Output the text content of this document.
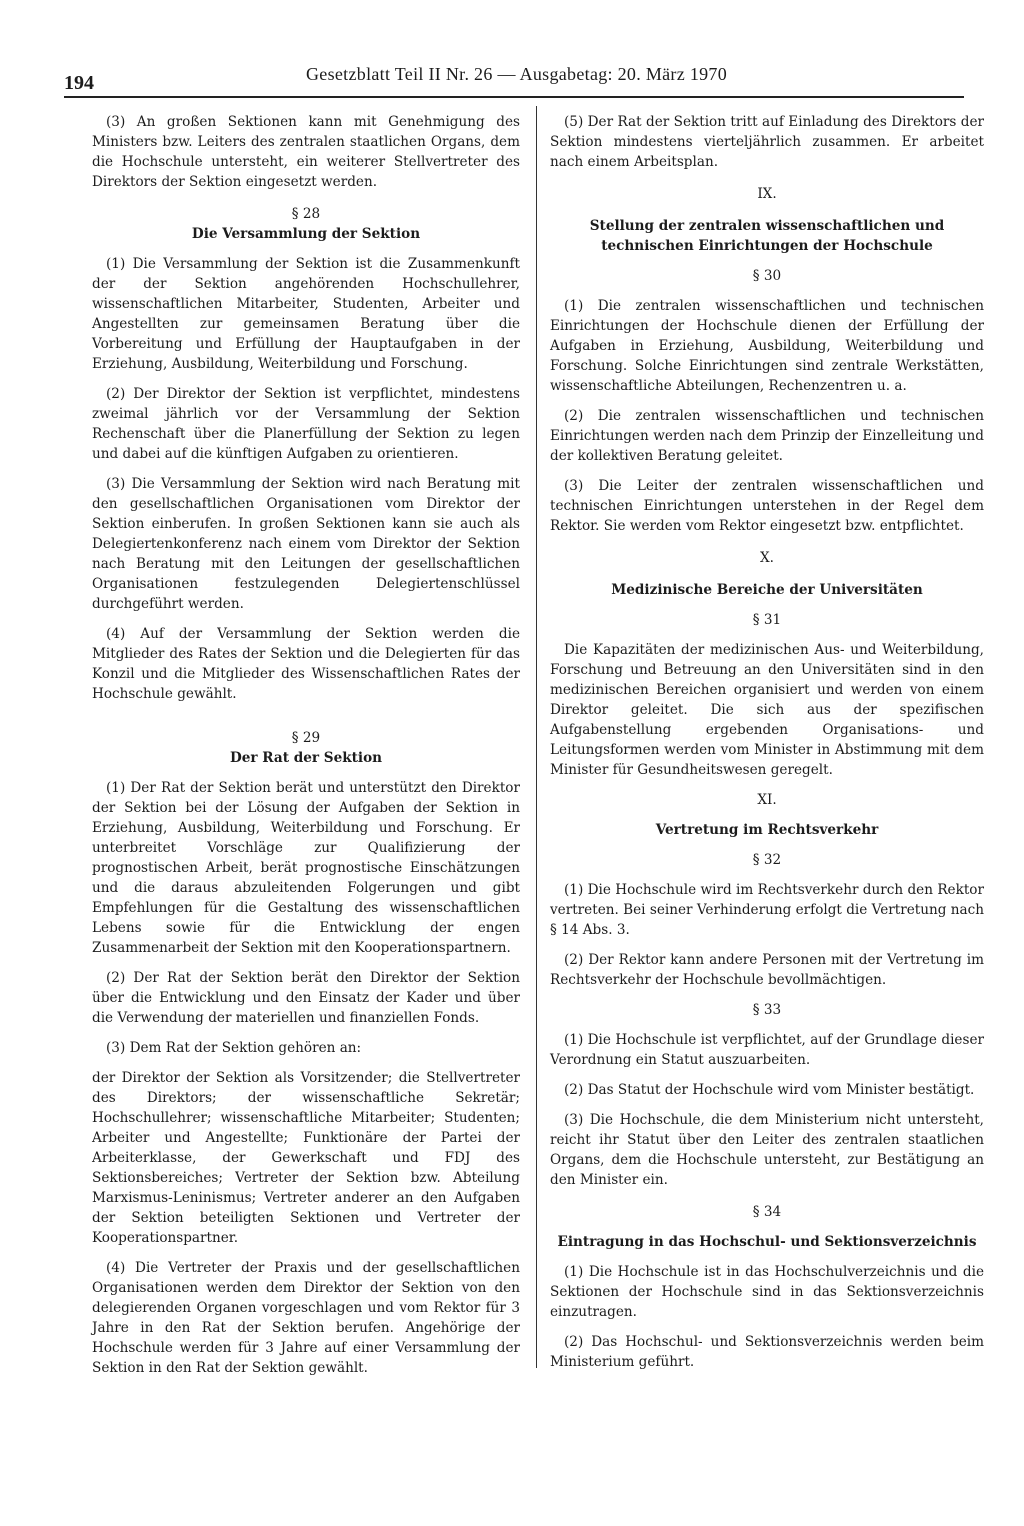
194	Gesetzblatt Teil II Nr. 26 — Ausgabetag: 20. März 1970

(3) An großen Sektionen kann mit Genehmigung des Ministers bzw. Leiters des zentralen staatlichen Organs, dem die Hochschule untersteht, ein weiterer Stellvertreter des Direktors der Sektion eingesetzt werden.

§ 28
Die Versammlung der Sektion

(1) Die Versammlung der Sektion ist die Zusammenkunft der der Sektion angehörenden Hochschullehrer, wissenschaftlichen Mitarbeiter, Studenten, Arbeiter und Angestellten zur gemeinsamen Beratung über die Vorbereitung und Erfüllung der Hauptaufgaben in der Erziehung, Ausbildung, Weiterbildung und Forschung.

(2) Der Direktor der Sektion ist verpflichtet, mindestens zweimal jährlich vor der Versammlung der Sektion Rechenschaft über die Planerfüllung der Sektion zu legen und dabei auf die künftigen Aufgaben zu orientieren.

(3) Die Versammlung der Sektion wird nach Beratung mit den gesellschaftlichen Organisationen vom Direktor der Sektion einberufen. In großen Sektionen kann sie auch als Delegiertenkonferenz nach einem vom Direktor der Sektion nach Beratung mit den Leitungen der gesellschaftlichen Organisationen festzulegenden Delegiertenschlüssel durchgeführt werden.

(4) Auf der Versammlung der Sektion werden die Mitglieder des Rates der Sektion und die Delegierten für das Konzil und die Mitglieder des Wissenschaftlichen Rates der Hochschule gewählt.

§ 29
Der Rat der Sektion

(1) Der Rat der Sektion berät und unterstützt den Direktor der Sektion bei der Lösung der Aufgaben der Sektion in Erziehung, Ausbildung, Weiterbildung und Forschung. Er unterbreitet Vorschläge zur Qualifizierung der prognostischen Arbeit, berät prognostische Einschätzungen und die daraus abzuleitenden Folgerungen und gibt Empfehlungen für die Gestaltung des wissenschaftlichen Lebens sowie für die Entwicklung der engen Zusammenarbeit der Sektion mit den Kooperationspartnern.

(2) Der Rat der Sektion berät den Direktor der Sektion über die Entwicklung und den Einsatz der Kader und über die Verwendung der materiellen und finanziellen Fonds.

(3) Dem Rat der Sektion gehören an:

der Direktor der Sektion als Vorsitzender; die Stellvertreter des Direktors; der wissenschaftliche Sekretär; Hochschullehrer; wissenschaftliche Mitarbeiter; Studenten; Arbeiter und Angestellte; Funktionäre der Partei der Arbeiterklasse, der Gewerkschaft und FDJ des Sektionsbereiches; Vertreter der Sektion bzw. Abteilung Marxismus-Leninismus; Vertreter anderer an den Aufgaben der Sektion beteiligten Sektionen und Vertreter der Kooperationspartner.

(4) Die Vertreter der Praxis und der gesellschaftlichen Organisationen werden dem Direktor der Sektion von den delegierenden Organen vorgeschlagen und vom Rektor für 3 Jahre in den Rat der Sektion berufen. Angehörige der Hochschule werden für 3 Jahre auf einer Versammlung der Sektion in den Rat der Sektion gewählt.

(5) Der Rat der Sektion tritt auf Einladung des Direktors der Sektion mindestens vierteljährlich zusammen. Er arbeitet nach einem Arbeitsplan.

IX.
Stellung der zentralen wissenschaftlichen und technischen Einrichtungen der Hochschule
§ 30

(1) Die zentralen wissenschaftlichen und technischen Einrichtungen der Hochschule dienen der Erfüllung der Aufgaben in Erziehung, Ausbildung, Weiterbildung und Forschung. Solche Einrichtungen sind zentrale Werkstätten, wissenschaftliche Abteilungen, Rechenzentren u. a.

(2) Die zentralen wissenschaftlichen und technischen Einrichtungen werden nach dem Prinzip der Einzelleitung und der kollektiven Beratung geleitet.

(3) Die Leiter der zentralen wissenschaftlichen und technischen Einrichtungen unterstehen in der Regel dem Rektor. Sie werden vom Rektor eingesetzt bzw. entpflichtet.

X.
Medizinische Bereiche der Universitäten
§ 31

Die Kapazitäten der medizinischen Aus- und Weiterbildung, Forschung und Betreuung an den Universitäten sind in den medizinischen Bereichen organisiert und werden von einem Direktor geleitet. Die sich aus der spezifischen Aufgabenstellung ergebenden Organisations- und Leitungsformen werden vom Minister in Abstimmung mit dem Minister für Gesundheitswesen geregelt.

XI.
Vertretung im Rechtsverkehr
§ 32

(1) Die Hochschule wird im Rechtsverkehr durch den Rektor vertreten. Bei seiner Verhinderung erfolgt die Vertretung nach § 14 Abs. 3.

(2) Der Rektor kann andere Personen mit der Vertretung im Rechtsverkehr der Hochschule bevollmächtigen.

§ 33

(1) Die Hochschule ist verpflichtet, auf der Grundlage dieser Verordnung ein Statut auszuarbeiten.

(2) Das Statut der Hochschule wird vom Minister bestätigt.

(3) Die Hochschule, die dem Ministerium nicht untersteht, reicht ihr Statut über den Leiter des zentralen staatlichen Organs, dem die Hochschule untersteht, zur Bestätigung an den Minister ein.

§ 34
Eintragung in das Hochschul- und Sektionsverzeichnis

(1) Die Hochschule ist in das Hochschulverzeichnis und die Sektionen der Hochschule sind in das Sektionsverzeichnis einzutragen.

(2) Das Hochschul- und Sektionsverzeichnis werden beim Ministerium geführt.
